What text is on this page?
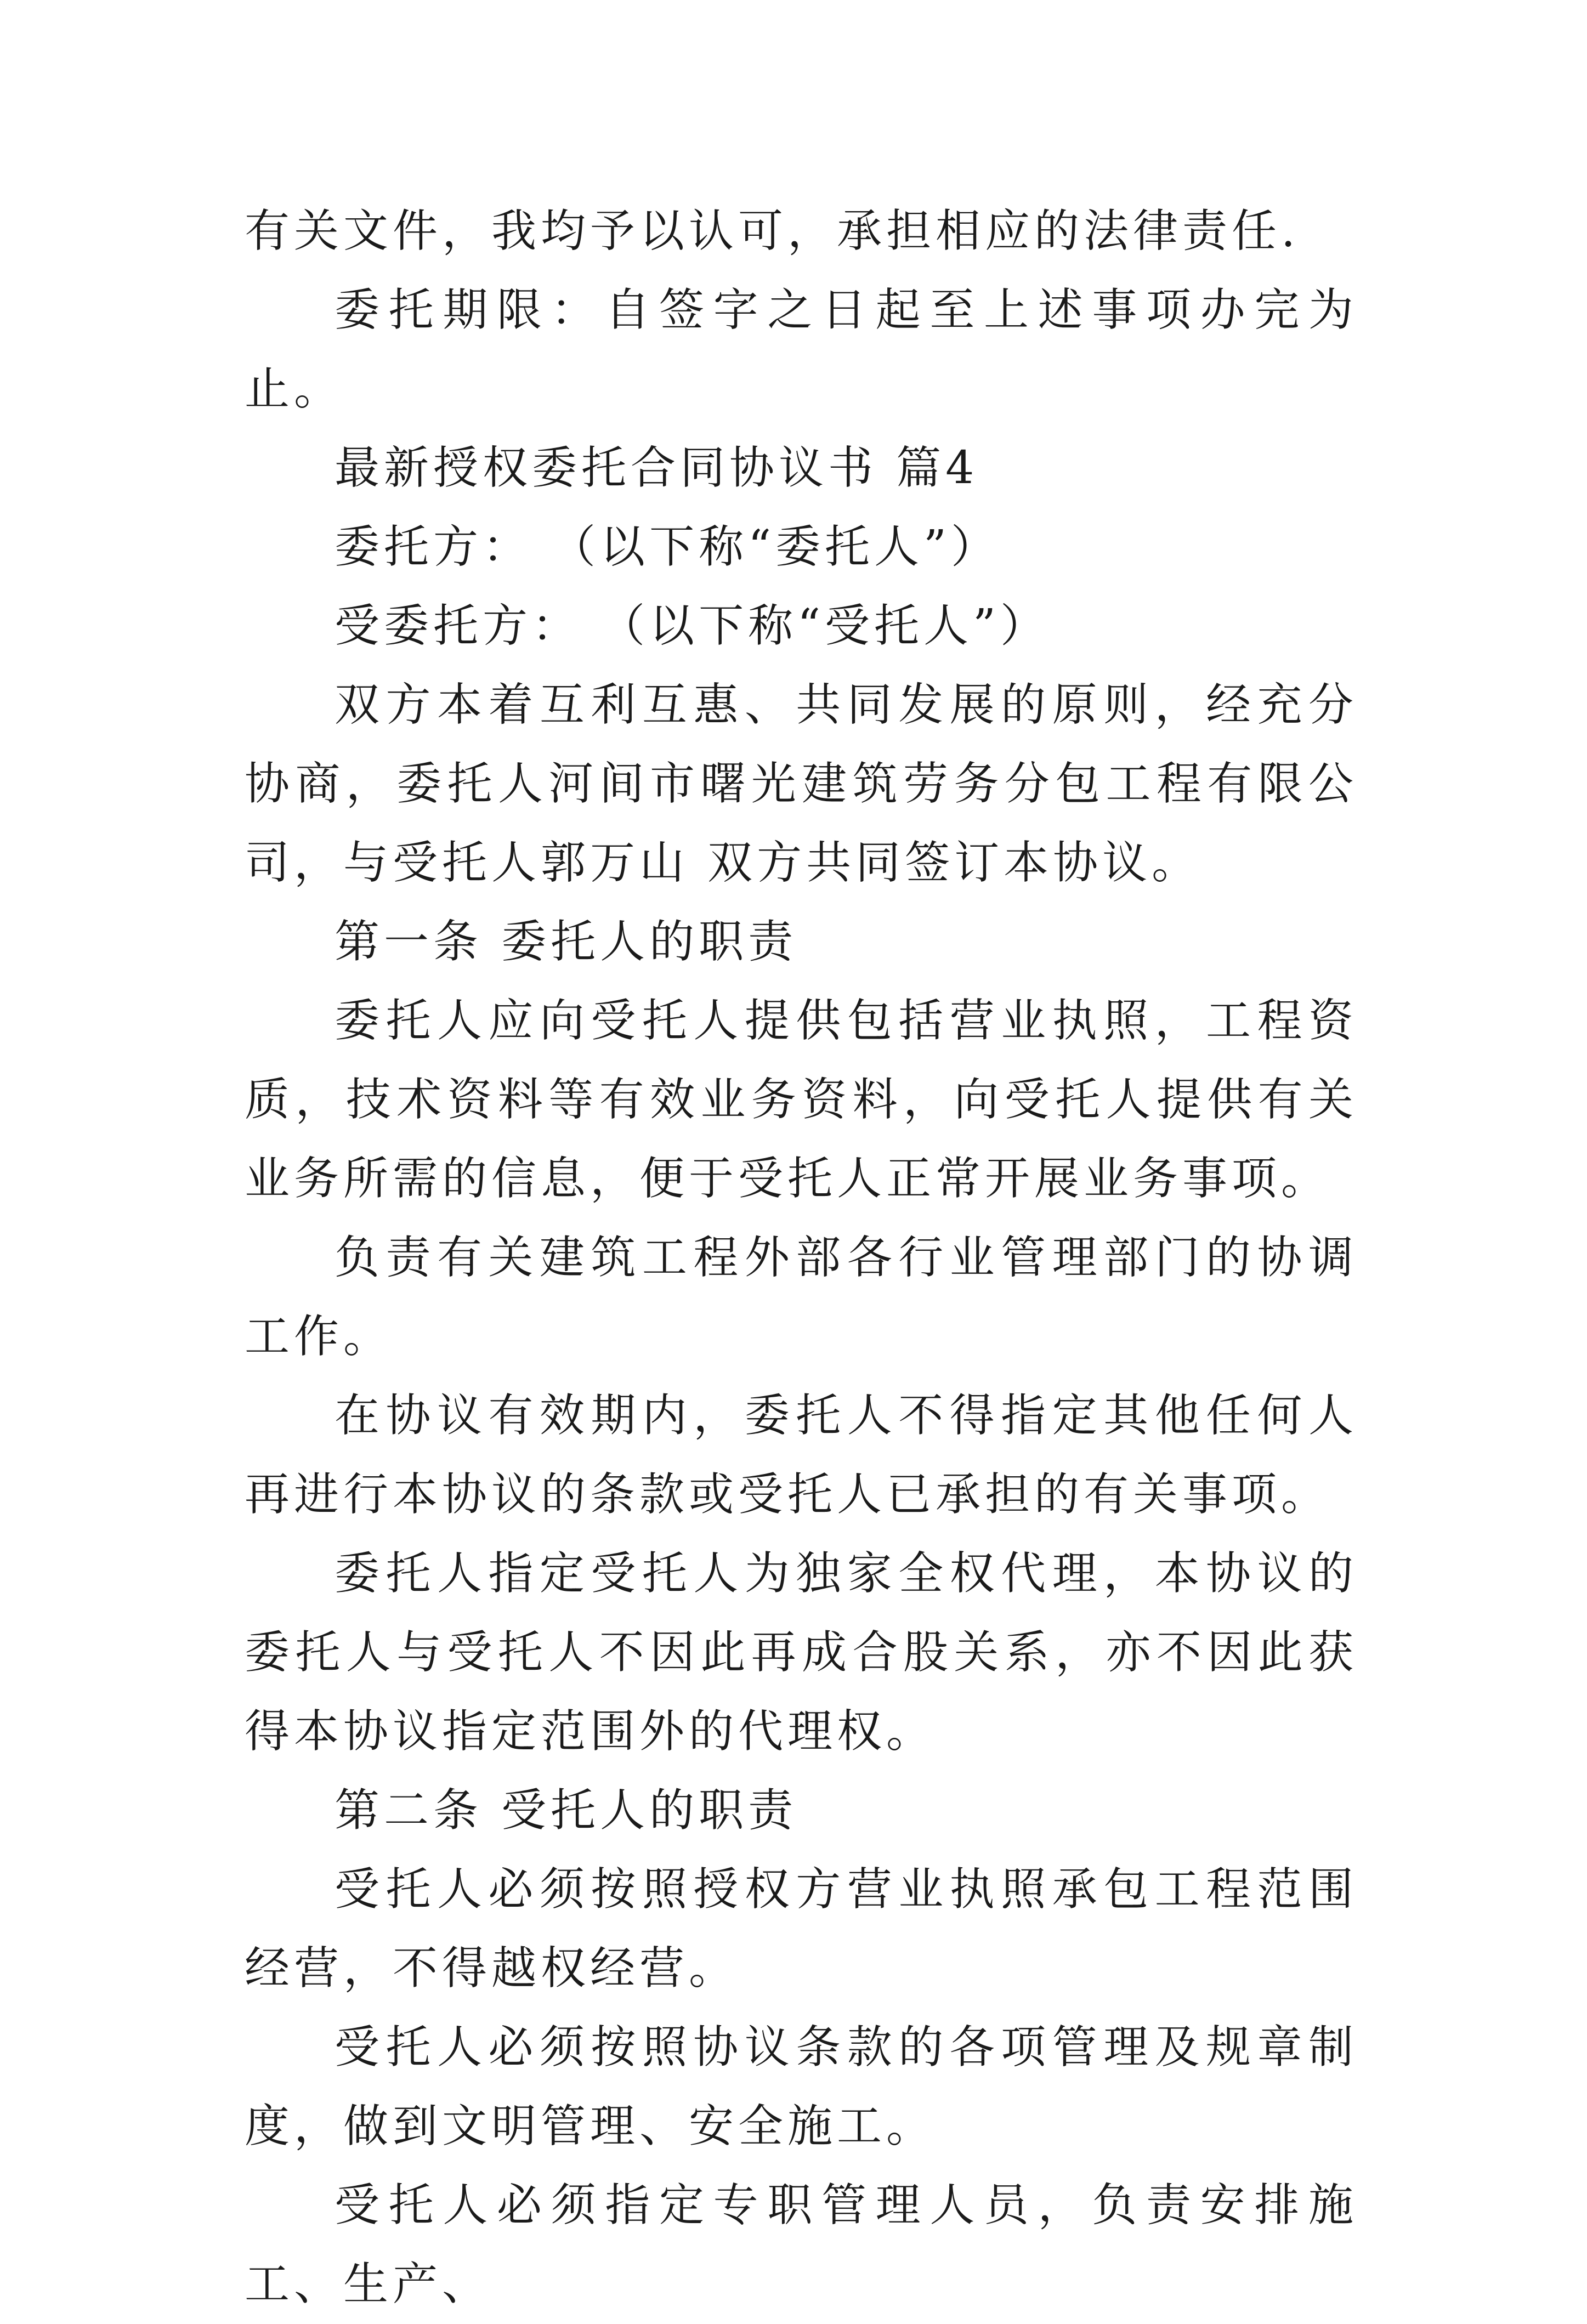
有关文件，我均予以认可，承担相应的法律责任.

委托期限：自签字之日起至上述事项办完为止。

最新授权委托合同协议书 篇4

委托方： （以下称“委托人”）

受委托方： （以下称“受托人”）

双方本着互利互惠、共同发展的原则，经充分协商，委托人河间市曙光建筑劳务分包工程有限公司，与受托人郭万山 双方共同签订本协议。

第一条 委托人的职责

委托人应向受托人提供包括营业执照，工程资质，技术资料等有效业务资料，向受托人提供有关业务所需的信息，便于受托人正常开展业务事项。

负责有关建筑工程外部各行业管理部门的协调工作。

在协议有效期内，委托人不得指定其他任何人再进行本协议的条款或受托人已承担的有关事项。

委托人指定受托人为独家全权代理，本协议的委托人与受托人不因此再成合股关系，亦不因此获得本协议指定范围外的代理权。

第二条 受托人的职责

受托人必须按照授权方营业执照承包工程范围经营，不得越权经营。

受托人必须按照协议条款的各项管理及规章制度，做到文明管理、安全施工。

受托人必须指定专职管理人员，负责安排施工、生产、
